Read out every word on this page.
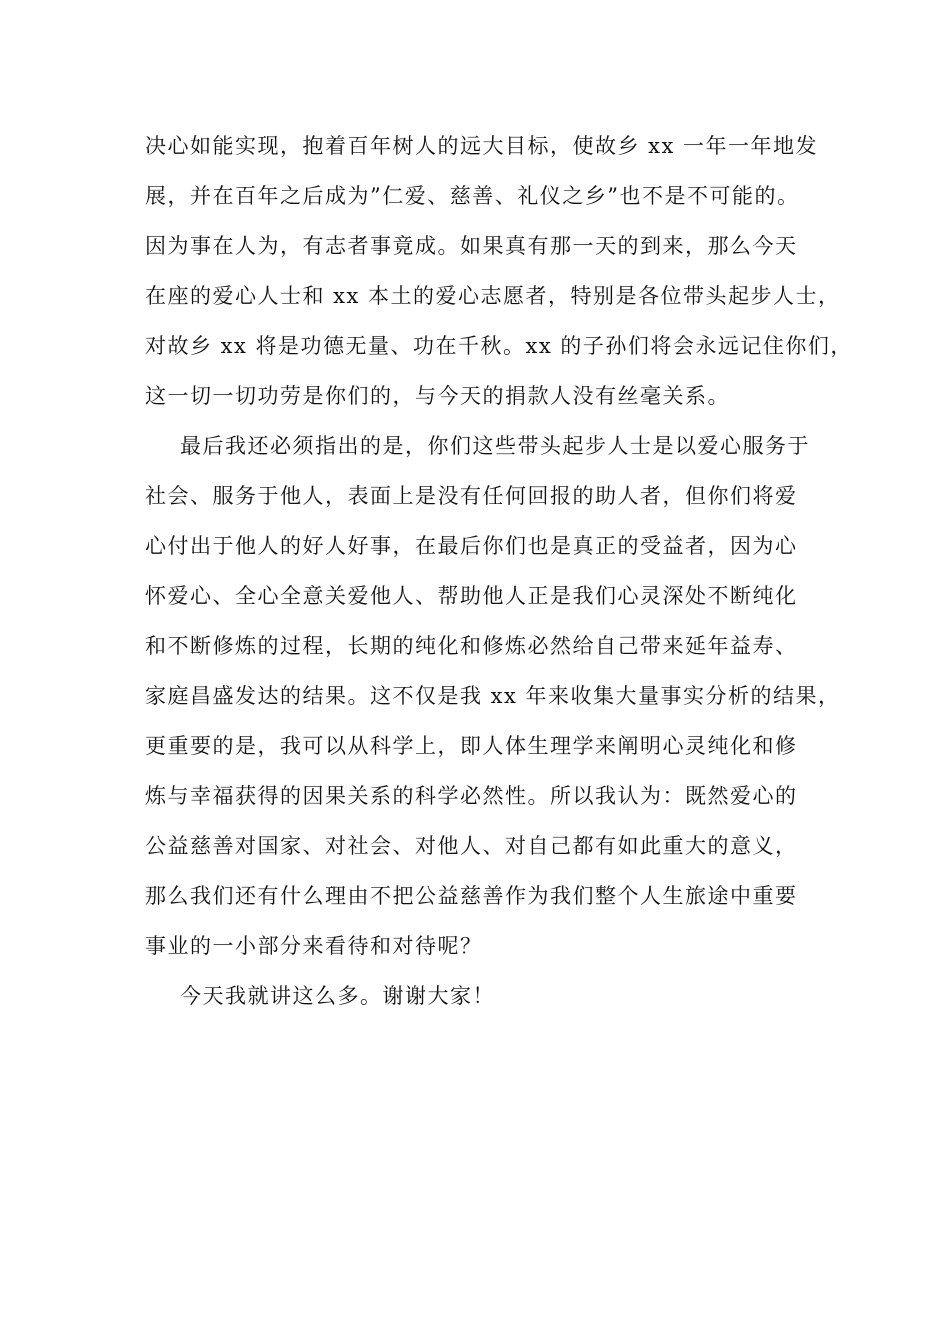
决心如能实现，抱着百年树人的远大目标，使故乡 xx 一年一年地发
展，并在百年之后成为”仁爱、慈善、礼仪之乡”也不是不可能的。
因为事在人为，有志者事竟成。如果真有那一天的到来，那么今天
在座的爱心人士和 xx 本土的爱心志愿者，特别是各位带头起步人士，
对故乡 xx 将是功德无量、功在千秋。xx 的子孙们将会永远记住你们，
这一切一切功劳是你们的，与今天的捐款人没有丝毫关系。
最后我还必须指出的是，你们这些带头起步人士是以爱心服务于
社会、服务于他人，表面上是没有任何回报的助人者，但你们将爱
心付出于他人的好人好事，在最后你们也是真正的受益者，因为心
怀爱心、全心全意关爱他人、帮助他人正是我们心灵深处不断纯化
和不断修炼的过程，长期的纯化和修炼必然给自己带来延年益寿、
家庭昌盛发达的结果。这不仅是我 xx 年来收集大量事实分析的结果，
更重要的是，我可以从科学上，即人体生理学来阐明心灵纯化和修
炼与幸福获得的因果关系的科学必然性。所以我认为：既然爱心的
公益慈善对国家、对社会、对他人、对自己都有如此重大的意义，
那么我们还有什么理由不把公益慈善作为我们整个人生旅途中重要
事业的一小部分来看待和对待呢？
今天我就讲这么多。谢谢大家！
